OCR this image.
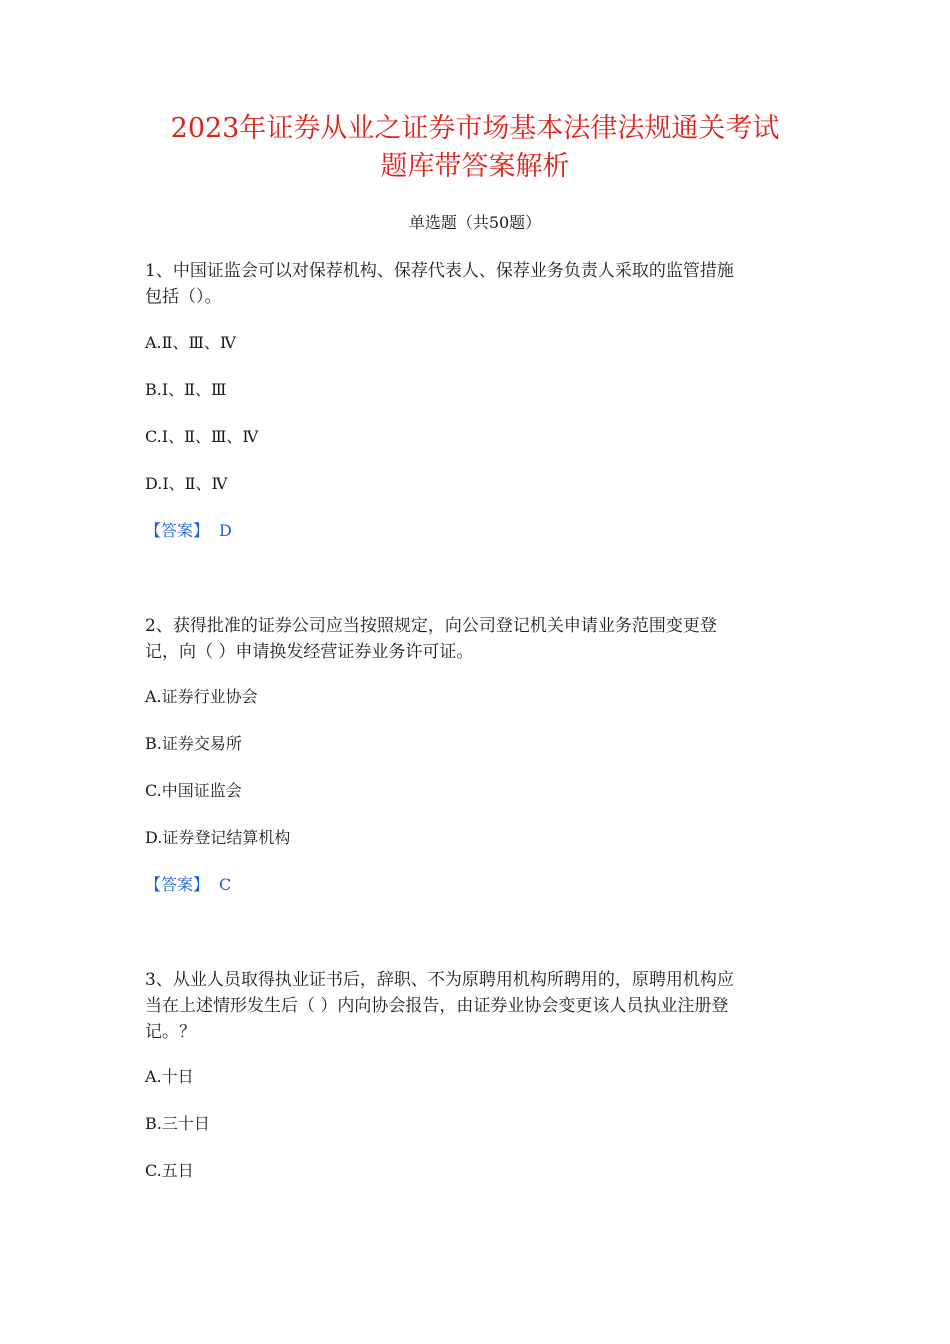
2023年证券从业之证券市场基本法律法规通关考试
题库带答案解析
单选题（共50题）

1、中国证监会可以对保荐机构、保荐代表人、保荐业务负责人采取的监管措施

包括（）。

A.Ⅱ、Ⅲ、Ⅳ
B.Ⅰ、Ⅱ、Ⅲ
C.Ⅰ、Ⅱ、Ⅲ、Ⅳ
D.Ⅰ、Ⅱ、Ⅳ
【答案】 D

2、获得批准的证券公司应当按照规定，向公司登记机关申请业务范围变更登

记，向（ ）申请换发经营证券业务许可证。

A.证券行业协会
B.证券交易所
C.中国证监会
D.证券登记结算机构
【答案】 C

3、从业人员取得执业证书后，辞职、不为原聘用机构所聘用的，原聘用机构应

当在上述情形发生后（ ）内向协会报告，由证券业协会变更该人员执业注册登

记。？

A.十日
B.三十日
C.五日
